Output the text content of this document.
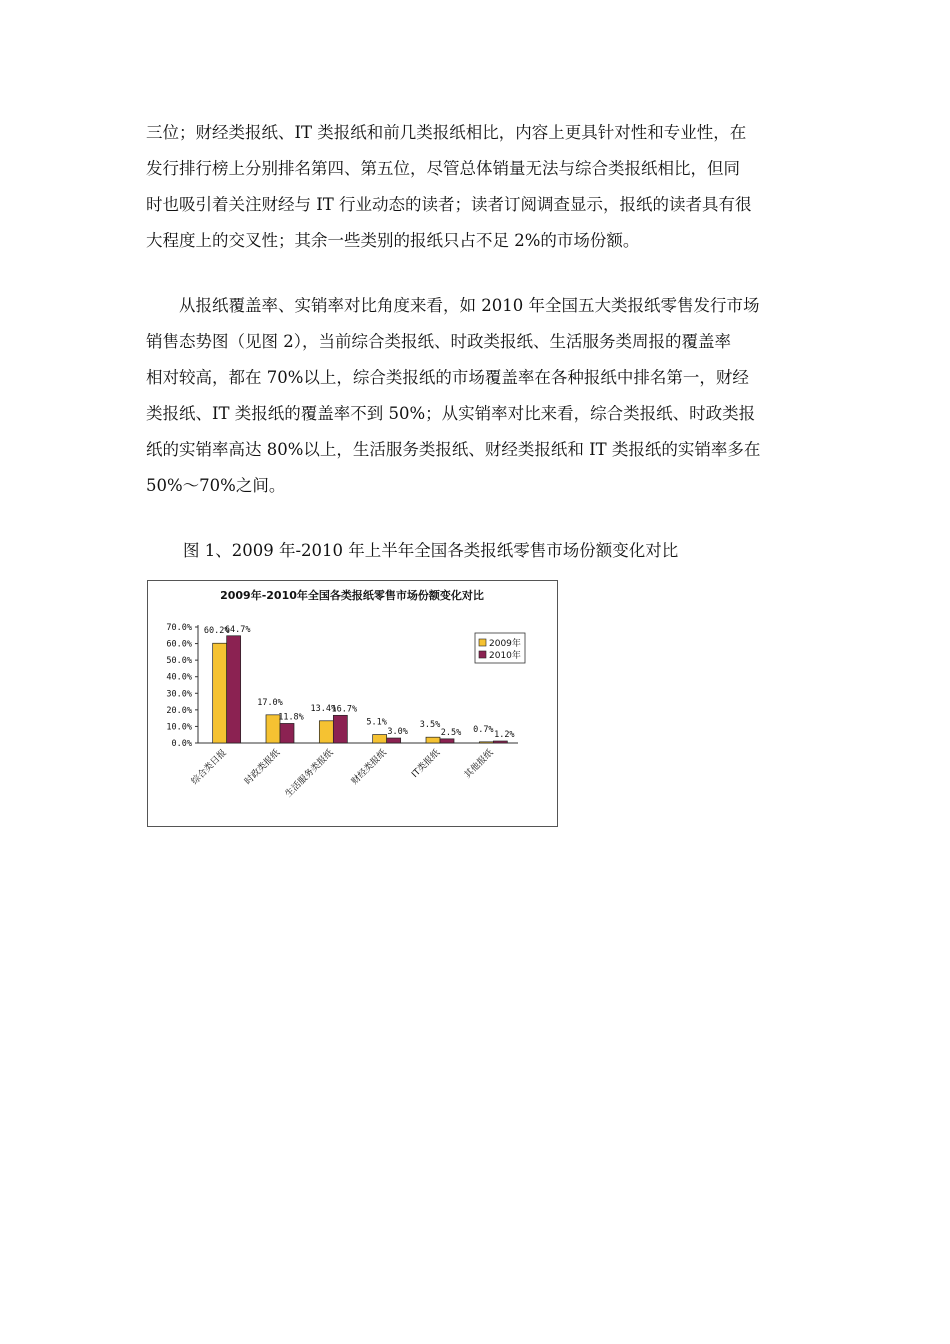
三位；财经类报纸、IT 类报纸和前几类报纸相比，内容上更具针对性和专业性，在
发行排行榜上分别排名第四、第五位，尽管总体销量无法与综合类报纸相比，但同
时也吸引着关注财经与 IT 行业动态的读者；读者订阅调查显示，报纸的读者具有很
大程度上的交叉性；其余一些类别的报纸只占不足 2%的市场份额。
从报纸覆盖率、实销率对比角度来看，如 2010 年全国五大类报纸零售发行市场
销售态势图（见图 2），当前综合类报纸、时政类报纸、生活服务类周报的覆盖率
相对较高，都在 70%以上，综合类报纸的市场覆盖率在各种报纸中排名第一，财经
类报纸、IT 类报纸的覆盖率不到 50%；从实销率对比来看，综合类报纸、时政类报
纸的实销率高达 80%以上，生活服务类报纸、财经类报纸和 IT 类报纸的实销率多在
50%～70%之间。
图 1、2009 年-2010 年上半年全国各类报纸零售市场份额变化对比
2009年-2010年全国各类报纸零售市场份额变化对比
0.0%
10.0%
20.0%
30.0%
40.0%
50.0%
60.0%
70.0% 60.2%
64.7%
综合类日报
17.0%
11.8%
时政类报纸
13.4%
16.7%
生活服务类报纸
5.1%
3.0%
财经类报纸
3.5%
2.5%
IT类报纸
0.7%
1.2%
其他报纸
2009年
2010年
